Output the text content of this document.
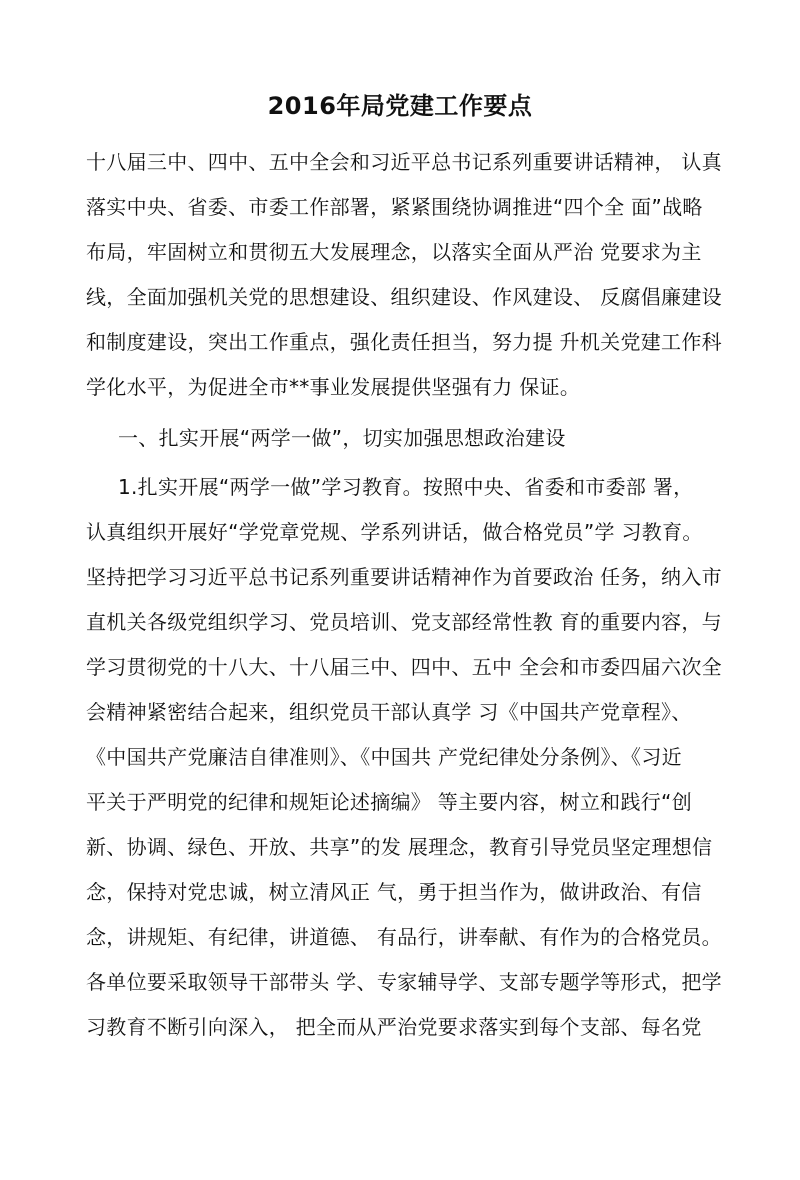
2016年局党建工作要点
十八届三中、四中、五中全会和习近平总书记系列重要讲话精神， 认真
落实中央、省委、市委工作部署，紧紧围绕协调推进“四个全 面”战略
布局，牢固树立和贯彻五大发展理念，以落实全面从严治 党要求为主
线，全面加强机关党的思想建设、组织建设、作风建设、 反腐倡廉建设
和制度建设，突出工作重点，强化责任担当，努力提 升机关党建工作科
学化水平，为促进全市**事业发展提供坚强有力 保证。
一、扎实开展“两学一做”，切实加强思想政治建设
1.扎实开展“两学一做”学习教育。按照中央、省委和市委部 署，
认真组织开展好“学党章党规、学系列讲话，做合格党员”学 习教育。
坚持把学习习近平总书记系列重要讲话精神作为首要政治 任务，纳入市
直机关各级党组织学习、党员培训、党支部经常性教 育的重要内容，与
学习贯彻党的十八大、十八届三中、四中、五中 全会和市委四届六次全
会精神紧密结合起来，组织党员干部认真学 习《中国共产党章程》、
《中国共产党廉洁自律准则》、《中国共 产党纪律处分条例》、《习近
平关于严明党的纪律和规矩论述摘编》 等主要内容，树立和践行“创
新、协调、绿色、开放、共享”的发 展理念，教育引导党员坚定理想信
念，保持对党忠诚，树立清风正 气，勇于担当作为，做讲政治、有信
念，讲规矩、有纪律，讲道德、 有品行，讲奉献、有作为的合格党员。
各单位要采取领导干部带头 学、专家辅导学、支部专题学等形式，把学
习教育不断引向深入， 把全而从严治党要求落实到每个支部、每名党
